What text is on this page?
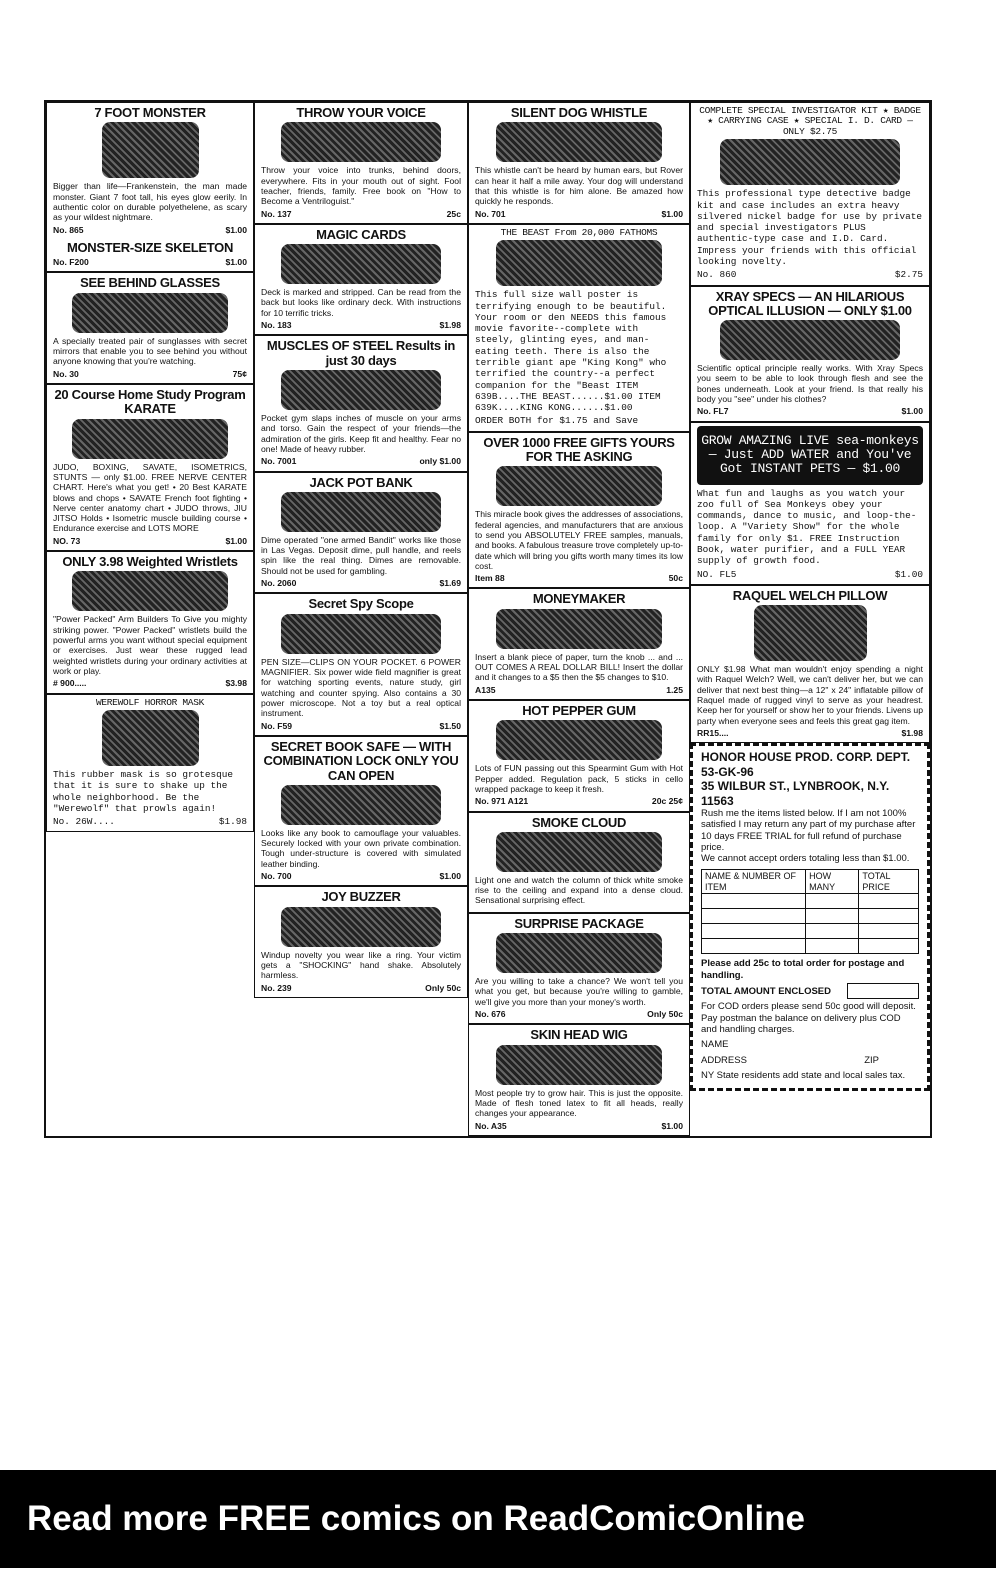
7 FOOT MONSTER
Bigger than life—Frankenstein, the man made monster. Giant 7 foot tall, his eyes glow eerily. In authentic color on durable polyethelene, as scary as your wildest nightmare.
No. 865	$1.00
MONSTER-SIZE SKELETON
No. F200	$1.00
SEE BEHIND GLASSES
A specially treated pair of sunglasses with secret mirrors that enable you to see behind you without anyone knowing that you're watching.
No. 30	75¢
20 Course Home Study Program KARATE
JUDO, BOXING, SAVATE, ISOMETRICS, STUNTS — only $1.00. FREE NERVE CENTER CHART. Here's what you get! • 20 Best KARATE blows and chops • SAVATE French foot fighting • Nerve center anatomy chart • JUDO throws, JIU JITSO Holds • Isometric muscle building course • Endurance exercise and LOTS MORE
NO. 73	$1.00
ONLY 3.98 Weighted Wristlets
"Power Packed" Arm Builders To Give you mighty striking power. "Power Packed" wristlets build the powerful arms you want without special equipment or exercises. Just wear these rugged lead weighted wristlets during your ordinary activities at work or play.
# 900.....	$3.98
WEREWOLF HORROR MASK
This rubber mask is so grotesque that it is sure to shake up the whole neighborhood. Be the "Werewolf" that prowls again!
No. 26W....	$1.98
THROW YOUR VOICE
Throw your voice into trunks, behind doors, everywhere. Fits in your mouth out of sight. Fool teacher, friends, family. Free book on "How to Become a Ventriloguist."
No. 137	25c
MAGIC CARDS
Deck is marked and stripped. Can be read from the back but looks like ordinary deck. With instructions for 10 terrific tricks.
No. 183	$1.98
MUSCLES OF STEEL Results in just 30 days
Pocket gym slaps inches of muscle on your arms and torso. Gain the respect of your friends—the admiration of the girls. Keep fit and healthy. Fear no one! Made of heavy rubber.
No. 7001	only $1.00
JACK POT BANK
Dime operated "one armed Bandit" works like those in Las Vegas. Deposit dime, pull handle, and reels spin like the real thing. Dimes are removable. Should not be used for gambling.
No. 2060	$1.69
Secret Spy Scope
PEN SIZE—CLIPS ON YOUR POCKET. 6 POWER MAGNIFIER. Six power wide field magnifier is great for watching sporting events, nature study, girl watching and counter spying. Also contains a 30 power microscope. Not a toy but a real optical instrument.
No. F59	$1.50
SECRET BOOK SAFE — WITH COMBINATION LOCK ONLY YOU CAN OPEN
Looks like any book to camouflage your valuables. Securely locked with your own private combination. Tough under-structure is covered with simulated leather binding.
No. 700	$1.00
JOY BUZZER
Windup novelty you wear like a ring. Your victim gets a "SHOCKING" hand shake. Absolutely harmless.
No. 239	Only 50c
SILENT DOG WHISTLE
This whistle can't be heard by human ears, but Rover can hear it half a mile away. Your dog will understand that this whistle is for him alone. Be amazed how quickly he responds.
No. 701	$1.00
THE BEAST From 20,000 FATHOMS
This full size wall poster is terrifying enough to be beautiful. Your room or den NEEDS this famous movie favorite--complete with steely, glinting eyes, and man-eating teeth. There is also the terrible giant ape "King Kong" who terrified the country--a perfect companion for the "Beast ITEM 639B....THE BEAST......$1.00 ITEM 639K....KING KONG......$1.00
ORDER BOTH for $1.75 and Save
OVER 1000 FREE GIFTS YOURS FOR THE ASKING
This miracle book gives the addresses of associations, federal agencies, and manufacturers that are anxious to send you ABSOLUTELY FREE samples, manuals, and books. A fabulous treasure trove completely up-to-date which will bring you gifts worth many times its low cost.
Item 88	50c
MONEYMAKER
Insert a blank piece of paper, turn the knob ... and ... OUT COMES A REAL DOLLAR BILL! Insert the dollar and it changes to a $5 then the $5 changes to $10.
A135	1.25
HOT PEPPER GUM
Lots of FUN passing out this Spearmint Gum with Hot Pepper added. Regulation pack, 5 sticks in cello wrapped package to keep it fresh.
No. 971 A121	20c 25¢
SMOKE CLOUD
Light one and watch the column of thick white smoke rise to the ceiling and expand into a dense cloud. Sensational surprising effect.
SURPRISE PACKAGE
Are you willing to take a chance? We won't tell you what you get, but because you're willing to gamble, we'll give you more than your money's worth.
No. 676	Only 50c
SKIN HEAD WIG
Most people try to grow hair. This is just the opposite. Made of flesh toned latex to fit all heads, really changes your appearance.
No. A35	$1.00
COMPLETE SPECIAL INVESTIGATOR KIT ★ BADGE ★ CARRYING CASE ★ SPECIAL I. D. CARD — ONLY $2.75
This professional type detective badge kit and case includes an extra heavy silvered nickel badge for use by private and special investigators PLUS authentic-type case and I.D. Card. Impress your friends with this official looking novelty.
No. 860	$2.75
XRAY SPECS — AN HILARIOUS OPTICAL ILLUSION — ONLY $1.00
Scientific optical principle really works. With Xray Specs you seem to be able to look through flesh and see the bones underneath. Look at your friend. Is that really his body you "see" under his clothes?
No. FL7	$1.00
GROW AMAZING LIVE sea-monkeys — Just ADD WATER and You've Got INSTANT PETS — $1.00
What fun and laughs as you watch your zoo full of Sea Monkeys obey your commands, dance to music, and loop-the-loop. A "Variety Show" for the whole family for only $1. FREE Instruction Book, water purifier, and a FULL YEAR supply of growth food.
NO. FL5	$1.00
RAQUEL WELCH PILLOW
ONLY $1.98 What man wouldn't enjoy spending a night with Raquel Welch? Well, we can't deliver her, but we can deliver that next best thing—a 12" x 24" inflatable pillow of Raquel made of rugged vinyl to serve as your headrest. Keep her for yourself or show her to your friends. Livens up party when everyone sees and feels this great gag item.
RR15....	$1.98
HONOR HOUSE PROD. CORP. DEPT. 53-GK-96
35 WILBUR ST., LYNBROOK, N.Y. 11563
Rush me the items listed below. If I am not 100% satisfied I may return any part of my purchase after 10 days FREE TRIAL for full refund of purchase price.
We cannot accept orders totaling less than $1.00.
NAME & NUMBER OF ITEM	HOW MANY	TOTAL PRICE

Please add 25c to total order for postage and handling.
TOTAL AMOUNT ENCLOSED
For COD orders please send 50c good will deposit. Pay postman the balance on delivery plus COD and handling charges.
NAME
ADDRESS	ZIP
NY State residents add state and local sales tax.
Read more FREE comics on ReadComicOnline
